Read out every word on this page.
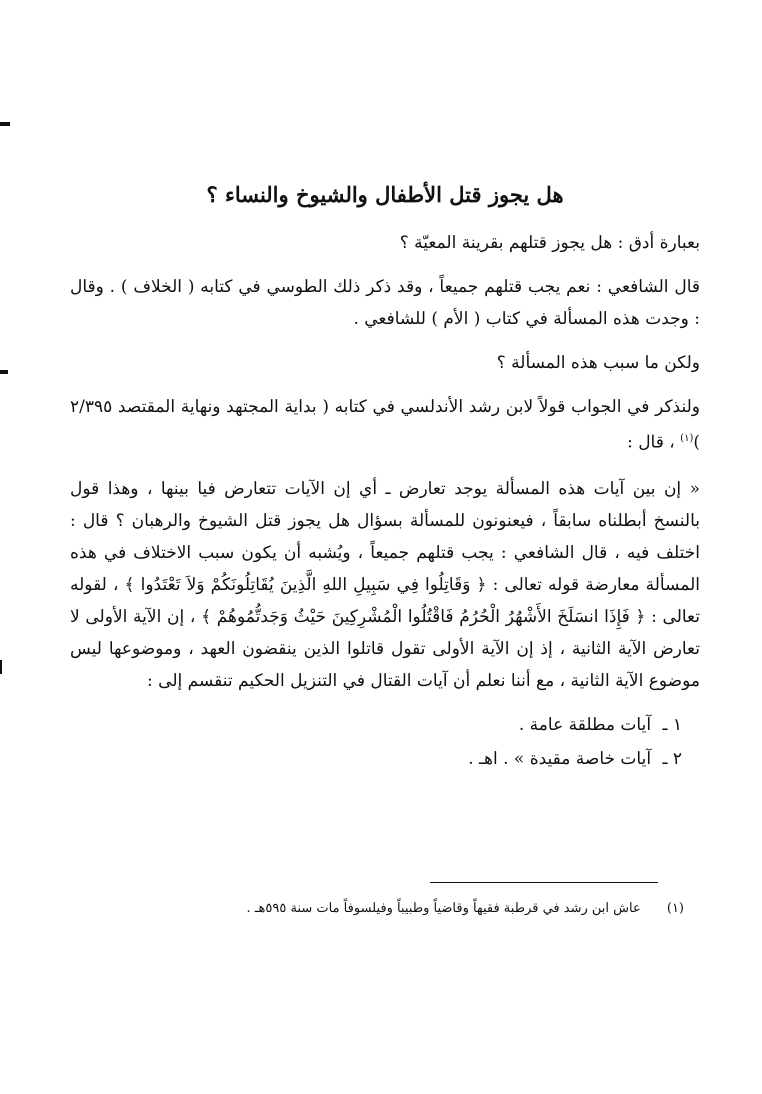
هل يجوز قتل الأطفال والشيوخ والنساء ؟

بعبارة أدق : هل يجوز قتلهم بقرينة المعيّة ؟

قال الشافعي : نعم يجب قتلهم جميعاً ، وقد ذكر ذلك الطوسي في كتابه ( الخلاف ) . وقال : وجدت هذه المسألة في كتاب ( الأم ) للشافعي .

ولكن ما سبب هذه المسألة ؟

ولنذكر في الجواب قولاً لابن رشد الأندلسي في كتابه ( بداية المجتهد ونهاية المقتصد ٢/٣٩٥ )$^{(١)}$ ، قال :

« إن بين آيات هذه المسألة يوجد تعارض ـ أي إن الآيات تتعارض فيا بينها ، وهذا قول بالنسخ أبطلناه سابقاً ، فيعنونون للمسألة بسؤال هل يجوز قتل الشيوخ والرهبان ؟ قال : اختلف فيه ، قال الشافعي : يجب قتلهم جميعاً ، ويُشبه أن يكون سبب الاختلاف في هذه المسألة معارضة قوله تعالى : ﴿ وَقَاتِلُوا فِي سَبِيلِ اللهِ الَّذِينَ يُقَاتِلُونَكُمْ وَلاَ تَعْتَدُوا ﴾ ، لقوله تعالى : ﴿ فَإِذَا انسَلَخَ الأَشْهُرُ الْحُرُمُ فَاقْتُلُوا الْمُشْرِكِينَ حَيْثُ وَجَدتُّمُوهُمْ ﴾ ، إن الآية الأولى لا تعارض الآية الثانية ، إذ إن الآية الأولى تقول قاتلوا الذين ينقضون العهد ، وموضوعها ليس موضوع الآية الثانية ، مع أننا نعلم أن آيات القتال في التنزيل الحكيم تنقسم إلى :

١ ـ آيات مطلقة عامة .
٢ ـ آيات خاصة مقيدة » . اهـ .
(١) عاش ابن رشد في قرطبة فقيهاً وقاضياً وطبيباً وفيلسوفاً مات سنة ٥٩٥هـ .
